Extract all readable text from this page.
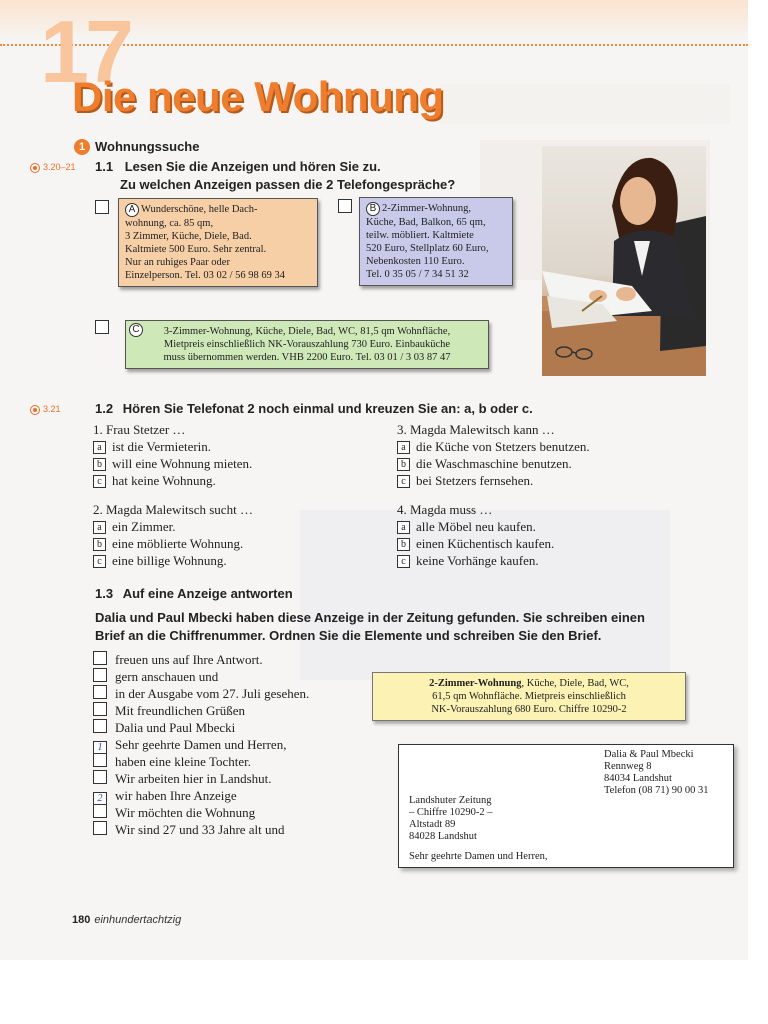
17
Die neue Wohnung
1 Wohnungssuche
3.20–21 1.1 Lesen Sie die Anzeigen und hören Sie zu.
Zu welchen Anzeigen passen die 2 Telefongespräche?
A Wunderschöne, helle Dach-
wohnung, ca. 85 qm,
3 Zimmer, Küche, Diele, Bad.
Kaltmiete 500 Euro. Sehr zentral.
Nur an ruhiges Paar oder
Einzelperson. Tel. 03 02 / 56 98 69 34
B 2-Zimmer-Wohnung,
Küche, Bad, Balkon, 65 qm,
teilw. möbliert. Kaltmiete
520 Euro, Stellplatz 60 Euro,
Nebenkosten 110 Euro.
Tel. 0 35 05 / 7 34 51 32
C	3-Zimmer-Wohnung, Küche, Diele, Bad, WC, 81,5 qm Wohnfläche,
Mietpreis einschließlich NK-Vorauszahlung 730 Euro. Einbauküche
muss übernommen werden. VHB 2200 Euro. Tel. 03 01 / 3 03 87 47
3.21	1.2 Hören Sie Telefonat 2 noch einmal und kreuzen Sie an: a, b oder c.
1. Frau Stetzer …
a ist die Vermieterin.
b will eine Wohnung mieten.
c hat keine Wohnung.
2. Magda Malewitsch sucht …
a ein Zimmer.
b eine möblierte Wohnung.
c eine billige Wohnung.
3. Magda Malewitsch kann …
a die Küche von Stetzers benutzen.
b die Waschmaschine benutzen.
c bei Stetzers fernsehen.
4. Magda muss …
a alle Möbel neu kaufen.
b einen Küchentisch kaufen.
c keine Vorhänge kaufen.
1.3 Auf eine Anzeige antworten
Dalia und Paul Mbecki haben diese Anzeige in der Zeitung gefunden. Sie schreiben einen
Brief an die Chiffrenummer. Ordnen Sie die Elemente und schreiben Sie den Brief.
freuen uns auf Ihre Antwort.
gern anschauen und
in der Ausgabe vom 27. Juli gesehen.
Mit freundlichen Grüßen
Dalia und Paul Mbecki
1 Sehr geehrte Damen und Herren,
haben eine kleine Tochter.
Wir arbeiten hier in Landshut.
2 wir haben Ihre Anzeige
Wir möchten die Wohnung
Wir sind 27 und 33 Jahre alt und
2-Zimmer-Wohnung, Küche, Diele, Bad, WC,
61,5 qm Wohnfläche. Mietpreis einschließlich
NK-Vorauszahlung 680 Euro. Chiffre 10290-2
Dalia & Paul Mbecki
Rennweg 8
84034 Landshut
Telefon (08 71) 90 00 31
Landshuter Zeitung
– Chiffre 10290-2 –
Altstadt 89
84028 Landshut
Sehr geehrte Damen und Herren,
180 einhundertachtzig
